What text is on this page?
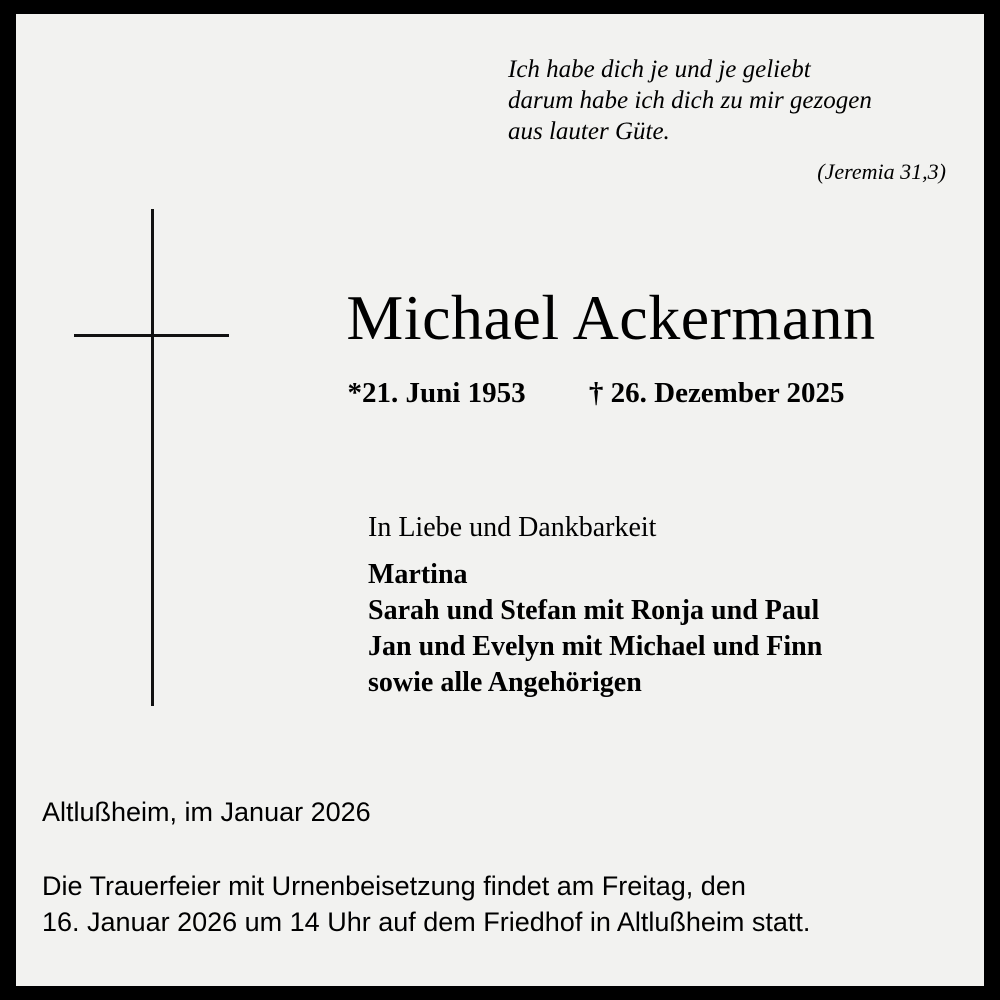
Ich habe dich je und je geliebt
darum habe ich dich zu mir gezogen
aus lauter Güte.
(Jeremia 31,3)
Michael Ackermann
*21. Juni 1953 † 26. Dezember 2025
In Liebe und Dankbarkeit
Martina
Sarah und Stefan mit Ronja und Paul
Jan und Evelyn mit Michael und Finn
sowie alle Angehörigen
Altlußheim, im Januar 2026
Die Trauerfeier mit Urnenbeisetzung findet am Freitag, den
16. Januar 2026 um 14 Uhr auf dem Friedhof in Altlußheim statt.
